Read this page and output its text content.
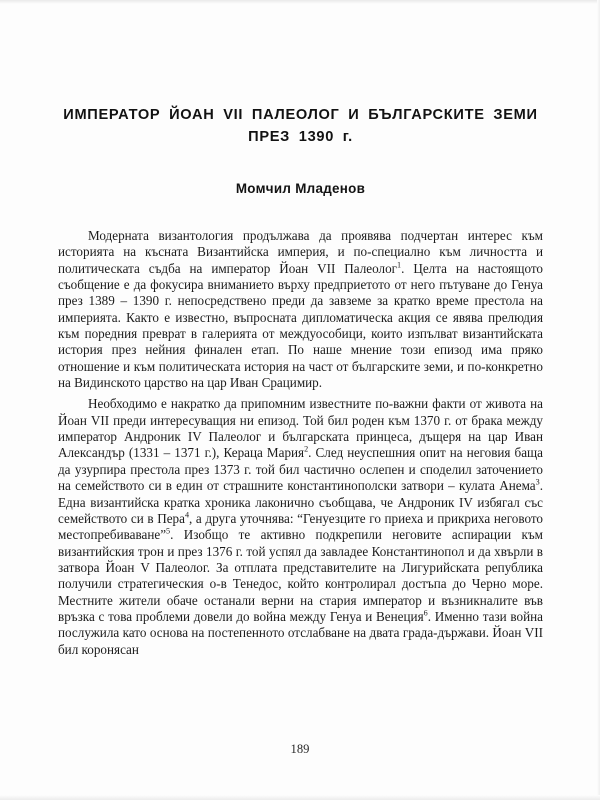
ИМПЕРАТОР ЙОАН VII ПАЛЕОЛОГ И БЪЛГАРСКИТЕ ЗЕМИ
ПРЕЗ 1390 г.
Момчил Младенов

Модерната византология продължава да проявява подчертан интерес към историята на късната Византийска империя, и по-специално към личността и политическата съдба на император Йоан VII Палеолог$^1$. Целта на настоящото съобщение е да фокусира вниманието върху предприетото от него пътуване до Генуа през 1389 – 1390 г. непосредствено преди да завземе за кратко време престола на империята. Както е известно, въпросната дипломатическа акция се явява прелюдия към поредния преврат в галерията от междуособици, които изпълват византийската история през нейния финален етап. По наше мнение този епизод има пряко отношение и към политическата история на част от българските земи, и по-конкретно на Видинското царство на цар Иван Срацимир.

Необходимо е накратко да припомним известните по-важни факти от живота на Йоан VII преди интересуващия ни епизод. Той бил роден към 1370 г. от брака между император Андроник IV Палеолог и българската принцеса, дъщеря на цар Иван Александър (1331 – 1371 г.), Кераца Мария$^2$. След неуспешния опит на неговия баща да узурпира престола през 1373 г. той бил частично ослепен и споделил заточението на семейството си в един от страшните константинополски затвори – кулата Анема$^3$. Една византийска кратка хроника лаконично съобщава, че Андроник IV избягал със семейството си в Пера$^4$, а друга уточнява: “Генуезците го приеха и прикриха неговото местопребиваване”$^5$. Изобщо те активно подкрепили неговите аспирации към византийския трон и през 1376 г. той успял да завладее Константинопол и да хвърли в затвора Йоан V Палеолог. За отплата представителите на Лигурийската република получили стратегическия о-в Тенедос, който контролирал достъпа до Черно море. Местните жители обаче останали верни на стария император и възникналите във връзка с това проблеми довели до война между Генуа и Венеция$^6$. Именно тази война послужила като основа на постепенното отслабване на двата града-държави. Йоан VII бил коронясан

189
